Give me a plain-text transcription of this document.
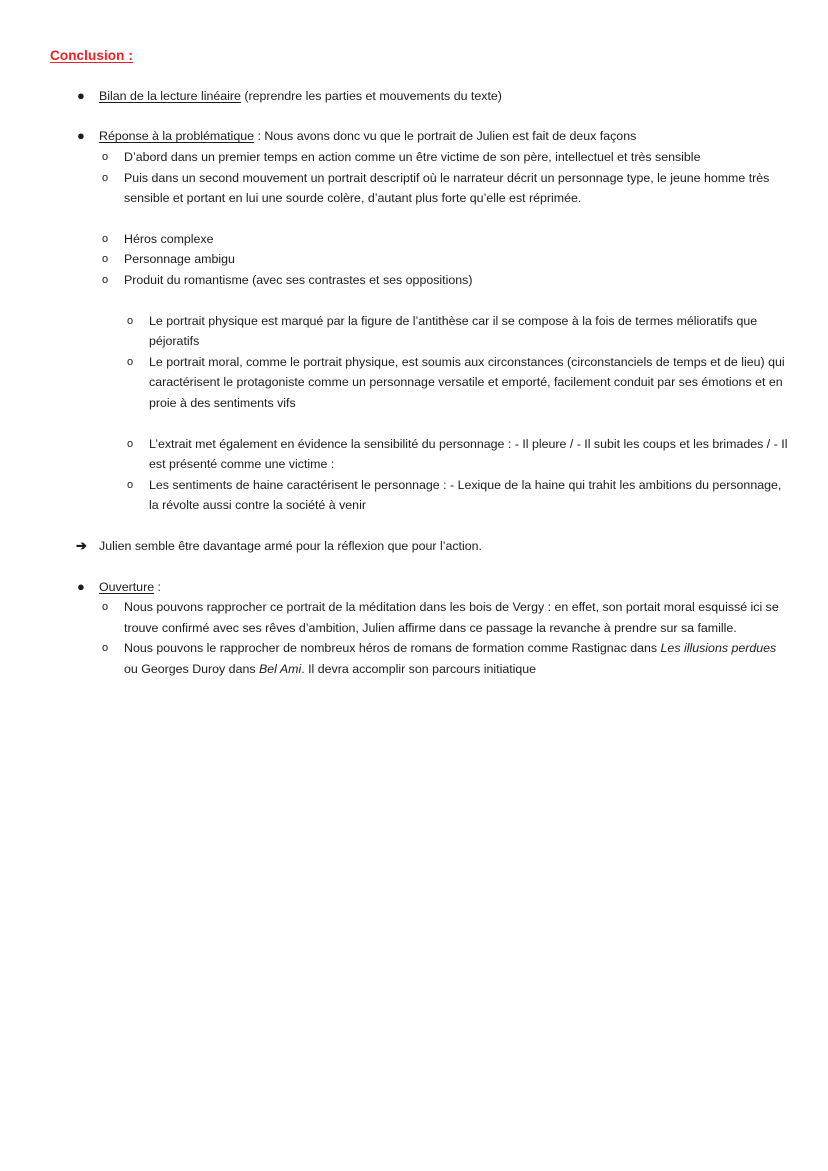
Conclusion :
● Bilan de la lecture linéaire (reprendre les parties et mouvements du texte)
● Réponse à la problématique : Nous avons donc vu que le portrait de Julien est fait de deux façons
o D’abord dans un premier temps en action comme un être victime de son père, intellectuel et très sensible
o Puis dans un second mouvement un portrait descriptif où le narrateur décrit un personnage type, le jeune homme très sensible et portant en lui une sourde colère, d’autant plus forte qu’elle est réprimée.
o Héros complexe
o Personnage ambigu
o Produit du romantisme (avec ses contrastes et ses oppositions)
o Le portrait physique est marqué par la figure de l’antithèse car il se compose à la fois de termes mélioratifs que péjoratifs
o Le portrait moral, comme le portrait physique, est soumis aux circonstances (circonstanciels de temps et de lieu) qui caractérisent le protagoniste comme un personnage versatile et emporté, facilement conduit par ses émotions et en proie à des sentiments vifs
o L’extrait met également en évidence la sensibilité du personnage : - Il pleure / - Il subit les coups et les brimades / - Il est présenté comme une victime :
o Les sentiments de haine caractérisent le personnage : - Lexique de la haine qui trahit les ambitions du personnage, la révolte aussi contre la société à venir
➔ Julien semble être davantage armé pour la réflexion que pour l’action.
● Ouverture :
o Nous pouvons rapprocher ce portrait de la méditation dans les bois de Vergy : en effet, son portait moral esquissé ici se trouve confirmé avec ses rêves d’ambition, Julien affirme dans ce passage la revanche à prendre sur sa famille.
o Nous pouvons le rapprocher de nombreux héros de romans de formation comme Rastignac dans Les illusions perdues ou Georges Duroy dans Bel Ami. Il devra accomplir son parcours initiatique
